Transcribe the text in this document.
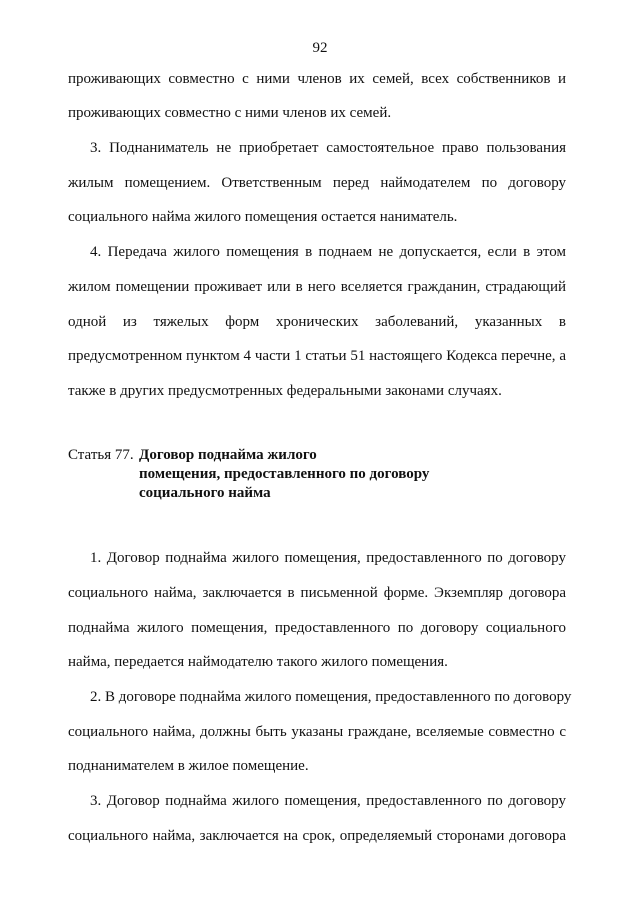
92
проживающих совместно с ними членов их семей, всех собственников и
проживающих совместно с ними членов их семей.
3. Поднаниматель не приобретает самостоятельное право пользования
жилым помещением. Ответственным перед наймодателем по договору
социального найма жилого помещения остается наниматель.
4. Передача жилого помещения в поднаем не допускается, если в этом
жилом помещении проживает или в него вселяется гражданин, страдающий
одной из тяжелых форм хронических заболеваний, указанных в
предусмотренном пунктом 4 части 1 статьи 51 настоящего Кодекса перечне, а
также в других предусмотренных федеральными законами случаях.
Статья 77. Договор поднайма жилого
помещения, предоставленного по договору
социального найма
1. Договор поднайма жилого помещения, предоставленного по договору
социального найма, заключается в письменной форме. Экземпляр договора
поднайма жилого помещения, предоставленного по договору социального
найма, передается наймодателю такого жилого помещения.
2. В договоре поднайма жилого помещения, предоставленного по договору
социального найма, должны быть указаны граждане, вселяемые совместно с
поднанимателем в жилое помещение.
3. Договор поднайма жилого помещения, предоставленного по договору
социального найма, заключается на срок, определяемый сторонами договора
